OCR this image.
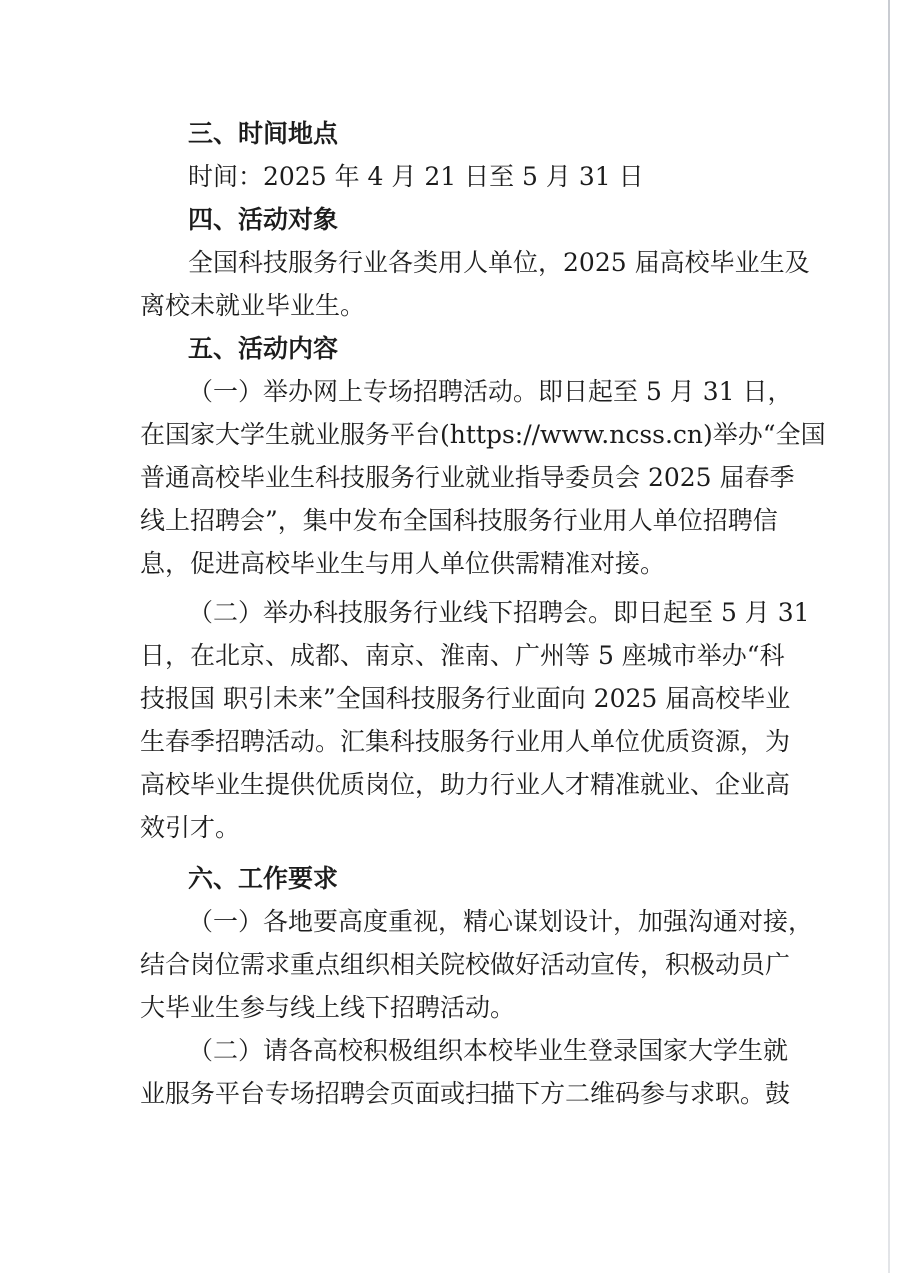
三、时间地点
时间：2025 年 4 月 21 日至 5 月 31 日
四、活动对象
全国科技服务行业各类用人单位，2025 届高校毕业生及
离校未就业毕业生。
五、活动内容
（一）举办网上专场招聘活动。即日起至 5 月 31 日，
在国家大学生就业服务平台(https://www.ncss.cn)举办“全国
普通高校毕业生科技服务行业就业指导委员会 2025 届春季
线上招聘会”，集中发布全国科技服务行业用人单位招聘信
息，促进高校毕业生与用人单位供需精准对接。
（二）举办科技服务行业线下招聘会。即日起至 5 月 31
日，在北京、成都、南京、淮南、广州等 5 座城市举办“科
技报国 职引未来”全国科技服务行业面向 2025 届高校毕业
生春季招聘活动。汇集科技服务行业用人单位优质资源，为
高校毕业生提供优质岗位，助力行业人才精准就业、企业高
效引才。
六、工作要求
（一）各地要高度重视，精心谋划设计，加强沟通对接，
结合岗位需求重点组织相关院校做好活动宣传，积极动员广
大毕业生参与线上线下招聘活动。
（二）请各高校积极组织本校毕业生登录国家大学生就
业服务平台专场招聘会页面或扫描下方二维码参与求职。鼓
